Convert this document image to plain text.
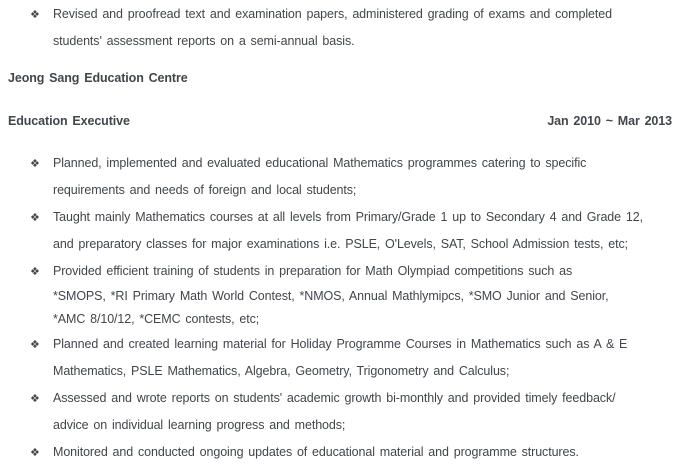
❖ Revised and proofread text and examination papers, administered grading of exams and completed
students' assessment reports on a semi-annual basis.
Jeong Sang Education Centre
Education Executive	Jan 2010 ~ Mar 2013
❖ Planned, implemented and evaluated educational Mathematics programmes catering to specific
requirements and needs of foreign and local students;
❖ Taught mainly Mathematics courses at all levels from Primary/Grade 1 up to Secondary 4 and Grade 12,
and preparatory classes for major examinations i.e. PSLE, O'Levels, SAT, School Admission tests, etc;
❖ Provided efficient training of students in preparation for Math Olympiad competitions such as
*SMOPS, *RI Primary Math World Contest, *NMOS, Annual Mathlymipcs, *SMO Junior and Senior,
*AMC 8/10/12, *CEMC contests, etc;
❖ Planned and created learning material for Holiday Programme Courses in Mathematics such as A & E
Mathematics, PSLE Mathematics, Algebra, Geometry, Trigonometry and Calculus;
❖ Assessed and wrote reports on students' academic growth bi-monthly and provided timely feedback/
advice on individual learning progress and methods;
❖ Monitored and conducted ongoing updates of educational material and programme structures.
